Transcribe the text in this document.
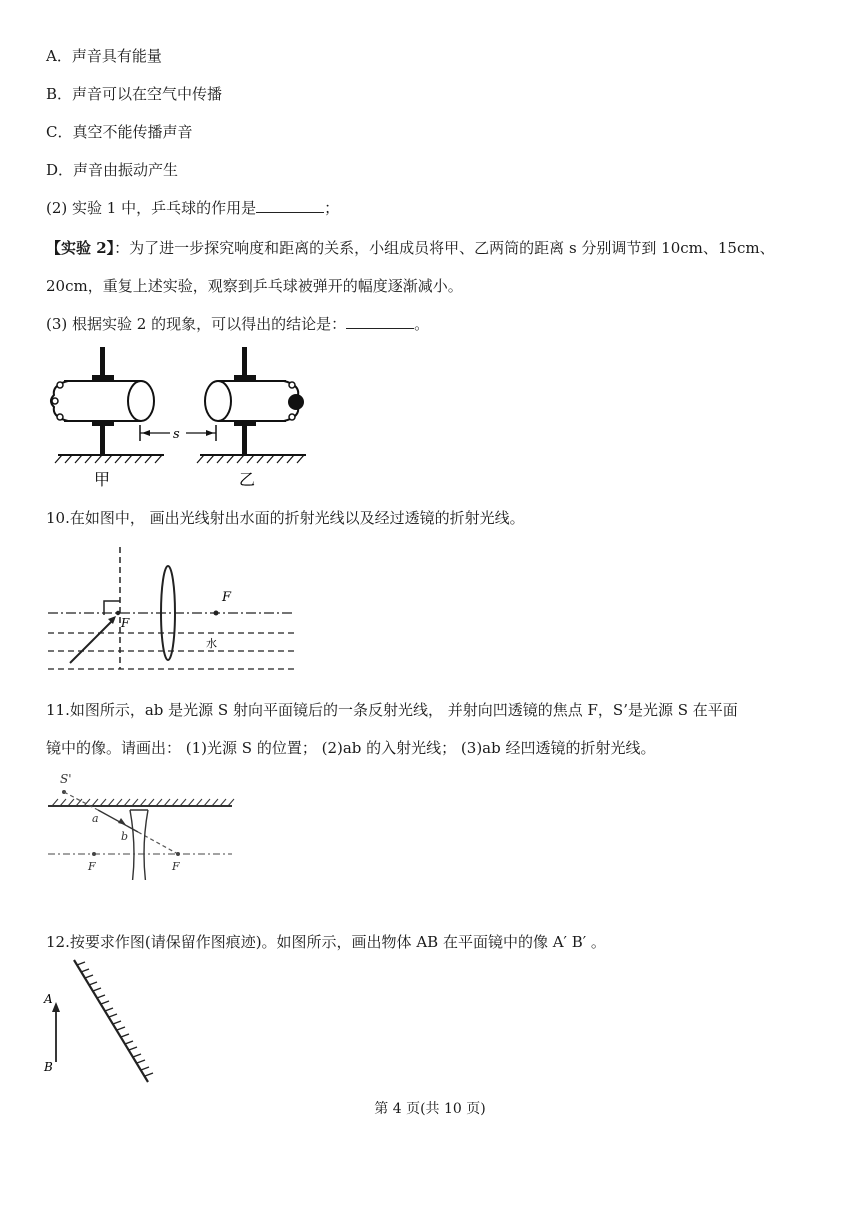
A．声音具有能量
B．声音可以在空气中传播
C．真空不能传播声音
D．声音由振动产生
(2) 实验 1 中，乒乓球的作用是	；
【实验 2】：为了进一步探究响度和距离的关系，小组成员将甲、乙两筒的距离 s 分别调节到 10cm、15cm、
20cm，重复上述实验，观察到乒乓球被弹开的幅度逐渐减小。
(3) 根据实验 2 的现象，可以得出的结论是：	。
s
甲	乙
10.在如图中， 画出光线射出水面的折射光线以及经过透镜的折射光线。
F
F
水
11.如图所示，ab 是光源 S 射向平面镜后的一条反射光线， 并射向凹透镜的焦点 F，S’是光源 S 在平面
镜中的像。请画出： (1)光源 S 的位置； (2)ab 的入射光线； (3)ab 经凹透镜的折射光线。
S'
a
b
F	F
12.按要求作图(请保留作图痕迹)。如图所示，画出物体 AB 在平面镜中的像 A′ B′ 。
A
B
第 4 页(共 10 页)
